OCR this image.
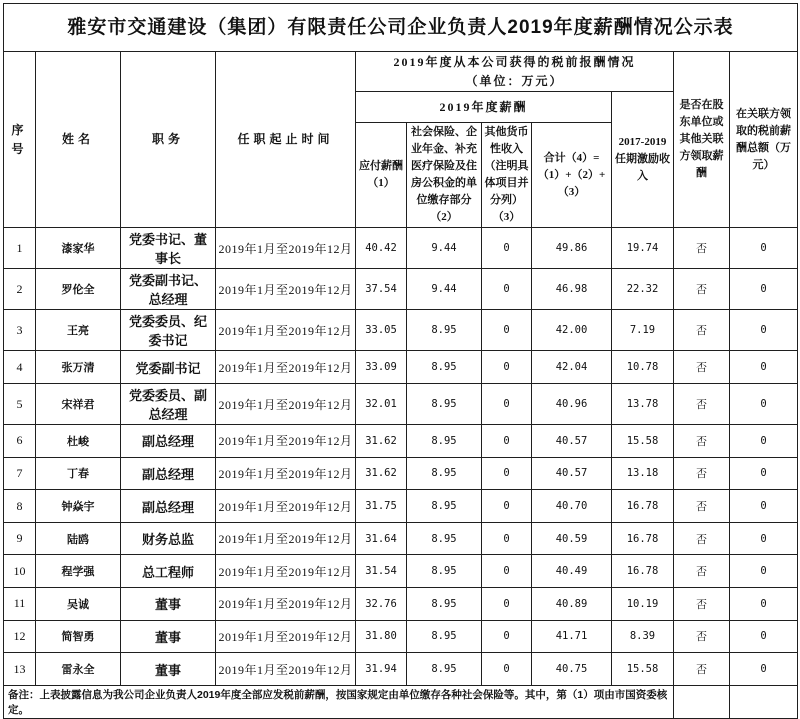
雅安市交通建设（集团）有限责任公司企业负责人2019年度薪酬情况公示表										
序号	姓名	职务	任职起止时间	2019年度从本公司获得的税前报酬情况
（单位：万元）					是否在股东单位或其他关联方领取薪酬	在关联方领取的税前薪酬总额（万元）
				2019年度薪酬				2017-2019任期激励收入		
				应付薪酬（1）	社会保险、企业年金、补充医疗保险及住房公积金的单位缴存部分（2）	其他货币性收入（注明具体项目并分列）（3）	合计（4）=（1）+（2）+（3）			
1	漆家华	党委书记、董事长	2019年1月至2019年12月	40.42	9.44	0	49.86	19.74	否	0
2	罗伦全	党委副书记、总经理	2019年1月至2019年12月	37.54	9.44	0	46.98	22.32	否	0
3	王亮	党委委员、纪委书记	2019年1月至2019年12月	33.05	8.95	0	42.00	7.19	否	0
4	张万清	党委副书记	2019年1月至2019年12月	33.09	8.95	0	42.04	10.78	否	0
5	宋祥君	党委委员、副总经理	2019年1月至2019年12月	32.01	8.95	0	40.96	13.78	否	0
6	杜峻	副总经理	2019年1月至2019年12月	31.62	8.95	0	40.57	15.58	否	0
7	丁春	副总经理	2019年1月至2019年12月	31.62	8.95	0	40.57	13.18	否	0
8	钟焱宇	副总经理	2019年1月至2019年12月	31.75	8.95	0	40.70	16.78	否	0
9	陆鸥	财务总监	2019年1月至2019年12月	31.64	8.95	0	40.59	16.78	否	0
10	程学强	总工程师	2019年1月至2019年12月	31.54	8.95	0	40.49	16.78	否	0
11	吴诚	董事	2019年1月至2019年12月	32.76	8.95	0	40.89	10.19	否	0
12	简智勇	董事	2019年1月至2019年12月	31.80	8.95	0	41.71	8.39	否	0
13	雷永全	董事	2019年1月至2019年12月	31.94	8.95	0	40.75	15.58	否	0
备注：上表披露信息为我公司企业负责人2019年度全部应发税前薪酬，按国家规定由单位缴存各种社会保险等。其中，第（1）项由市国资委核定。										
